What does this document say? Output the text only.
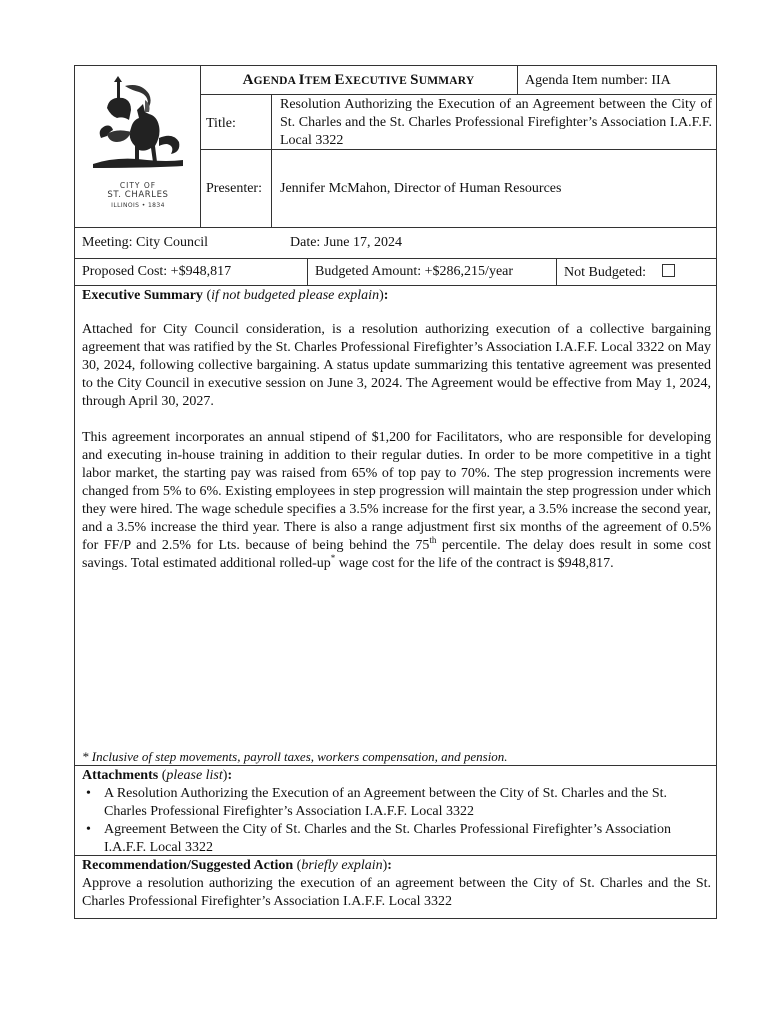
CITY OF
ST. CHARLES
ILLINOIS • 1834
AGENDA ITEM EXECUTIVE SUMMARY	Agenda Item number: IIA
Title:
Resolution Authorizing the Execution of an Agreement between the City of St. Charles and the St. Charles Professional Firefighter’s Association I.A.F.F. Local 3322
Presenter: Jennifer McMahon, Director of Human Resources
Meeting: City Council	Date: June 17, 2024
Proposed Cost: +$948,817	Budgeted Amount: +$286,215/year	Not Budgeted:
Executive Summary (if not budgeted please explain):
Attached for City Council consideration, is a resolution authorizing execution of a collective bargaining agreement that was ratified by the St. Charles Professional Firefighter’s Association I.A.F.F. Local 3322 on May 30, 2024, following collective bargaining. A status update summarizing this tentative agreement was presented to the City Council in executive session on June 3, 2024. The Agreement would be effective from May 1, 2024, through April 30, 2027.
This agreement incorporates an annual stipend of $1,200 for Facilitators, who are responsible for developing and executing in-house training in addition to their regular duties. In order to be more competitive in a tight labor market, the starting pay was raised from 65% of top pay to 70%. The step progression increments were changed from 5% to 6%. Existing employees in step progression will maintain the step progression under which they were hired. The wage schedule specifies a 3.5% increase for the first year, a 3.5% increase the second year, and a 3.5% increase the third year. There is also a range adjustment first six months of the agreement of 0.5% for FF/P and 2.5% for Lts. because of being behind the 75th percentile. The delay does result in some cost savings. Total estimated additional rolled-up* wage cost for the life of the contract is $948,817.
* Inclusive of step movements, payroll taxes, workers compensation, and pension.
Attachments (please list):
• A Resolution Authorizing the Execution of an Agreement between the City of St. Charles and the St. Charles Professional Firefighter’s Association I.A.F.F. Local 3322
• Agreement Between the City of St. Charles and the St. Charles Professional Firefighter’s Association I.A.F.F. Local 3322
Recommendation/Suggested Action (briefly explain):
Approve a resolution authorizing the execution of an agreement between the City of St. Charles and the St. Charles Professional Firefighter’s Association I.A.F.F. Local 3322
